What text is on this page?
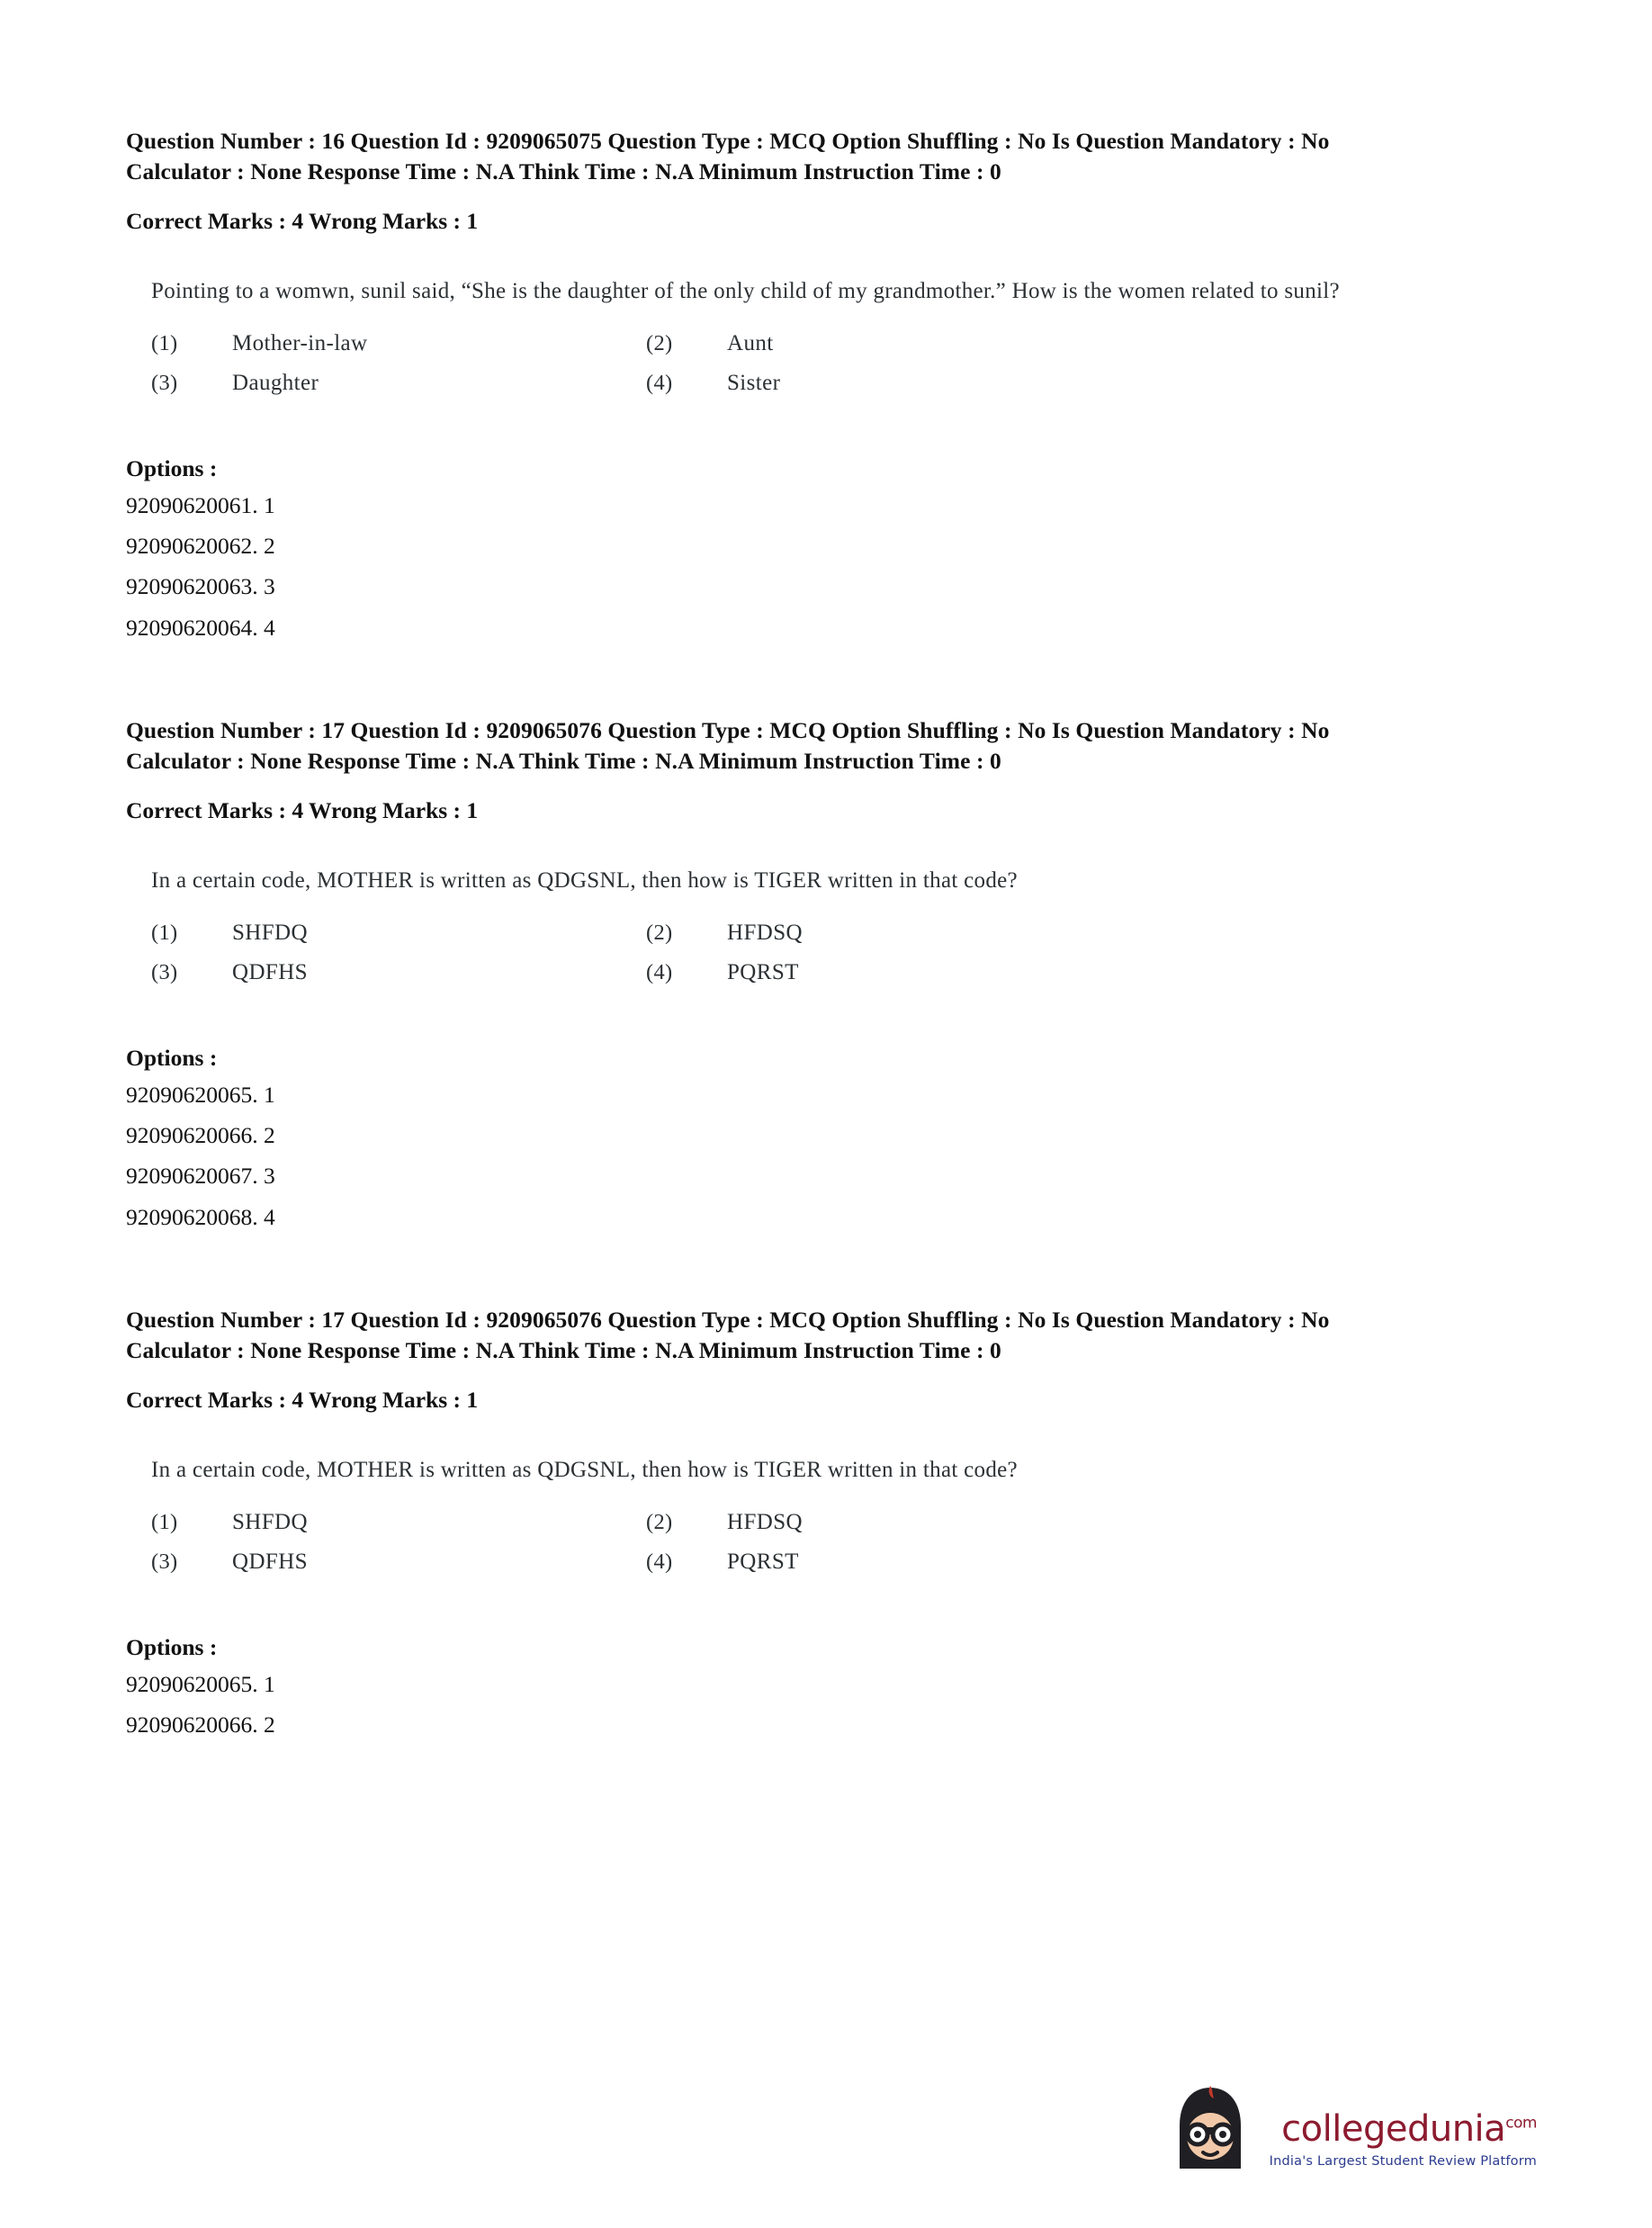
Question Number : 16 Question Id : 9209065075 Question Type : MCQ Option Shuffling : No Is Question Mandatory : No Calculator : None Response Time : N.A Think Time : N.A Minimum Instruction Time : 0
Correct Marks : 4 Wrong Marks : 1
Pointing to a womwn, sunil said, “She is the daughter of the only child of my grandmother.” How is the women related to sunil?
(1)	Mother-in-law	(2)	Aunt
(3)	Daughter	(4)	Sister
Options :
92090620061. 1
92090620062. 2
92090620063. 3
92090620064. 4
Question Number : 17 Question Id : 9209065076 Question Type : MCQ Option Shuffling : No Is Question Mandatory : No Calculator : None Response Time : N.A Think Time : N.A Minimum Instruction Time : 0
Correct Marks : 4 Wrong Marks : 1
In a certain code, MOTHER is written as QDGSNL, then how is TIGER written in that code?
(1)	SHFDQ	(2)	HFDSQ
(3)	QDFHS	(4)	PQRST
Options :
92090620065. 1
92090620066. 2
92090620067. 3
92090620068. 4
Question Number : 17 Question Id : 9209065076 Question Type : MCQ Option Shuffling : No Is Question Mandatory : No Calculator : None Response Time : N.A Think Time : N.A Minimum Instruction Time : 0
Correct Marks : 4 Wrong Marks : 1
In a certain code, MOTHER is written as QDGSNL, then how is TIGER written in that code?
(1)	SHFDQ	(2)	HFDSQ
(3)	QDFHS	(4)	PQRST
Options :
92090620065. 1
92090620066. 2
collegedunia$^{com}$
India's Largest Student Review Platform
